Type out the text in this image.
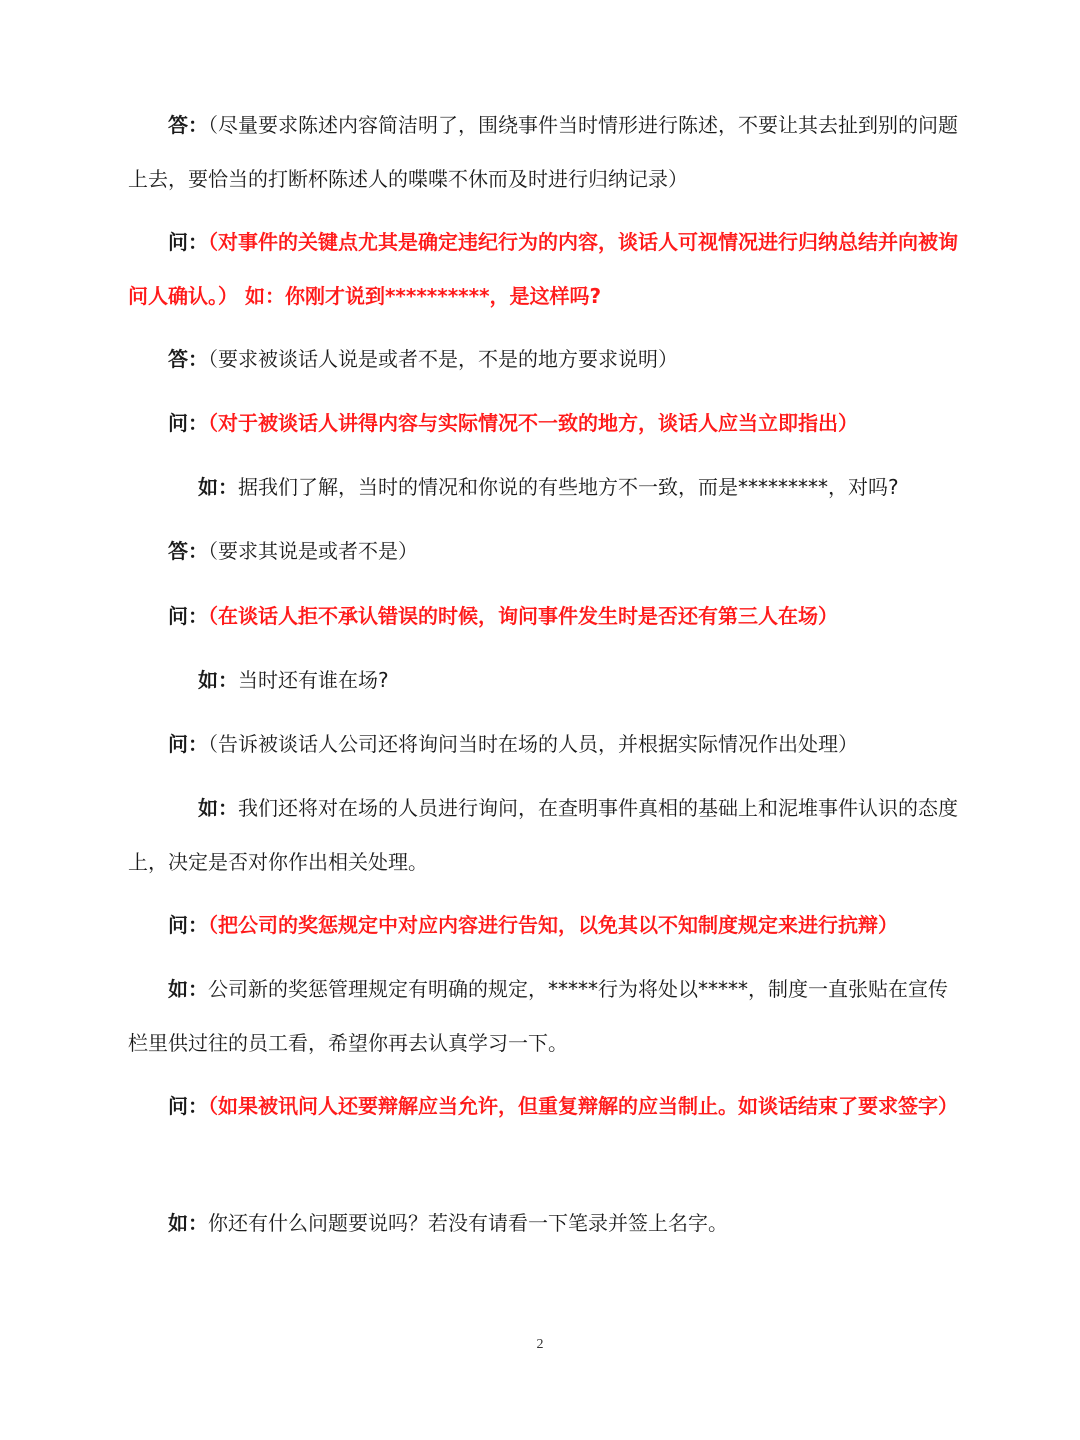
答：（尽量要求陈述内容简洁明了，围绕事件当时情形进行陈述，不要让其去扯到别的问题上去，要恰当的打断杯陈述人的喋喋不休而及时进行归纳记录）

问：（对事件的关键点尤其是确定违纪行为的内容，谈话人可视情况进行归纳总结并向被询问人确认。） 如：你刚才说到**********，是这样吗?

答：（要求被谈话人说是或者不是，不是的地方要求说明）

问：（对于被谈话人讲得内容与实际情况不一致的地方，谈话人应当立即指出）

如：据我们了解，当时的情况和你说的有些地方不一致，而是*********，对吗?

答：（要求其说是或者不是）

问：（在谈话人拒不承认错误的时候，询问事件发生时是否还有第三人在场）

如：当时还有谁在场?

问：（告诉被谈话人公司还将询问当时在场的人员，并根据实际情况作出处理）

如：我们还将对在场的人员进行询问，在查明事件真相的基础上和泥堆事件认识的态度上，决定是否对你作出相关处理。

问：（把公司的奖惩规定中对应内容进行告知，以免其以不知制度规定来进行抗辩）

如：公司新的奖惩管理规定有明确的规定，*****行为将处以*****，制度一直张贴在宣传栏里供过往的员工看，希望你再去认真学习一下。

问：（如果被讯问人还要辩解应当允许，但重复辩解的应当制止。如谈话结束了要求签字）

如：你还有什么问题要说吗？若没有请看一下笔录并签上名字。

2
